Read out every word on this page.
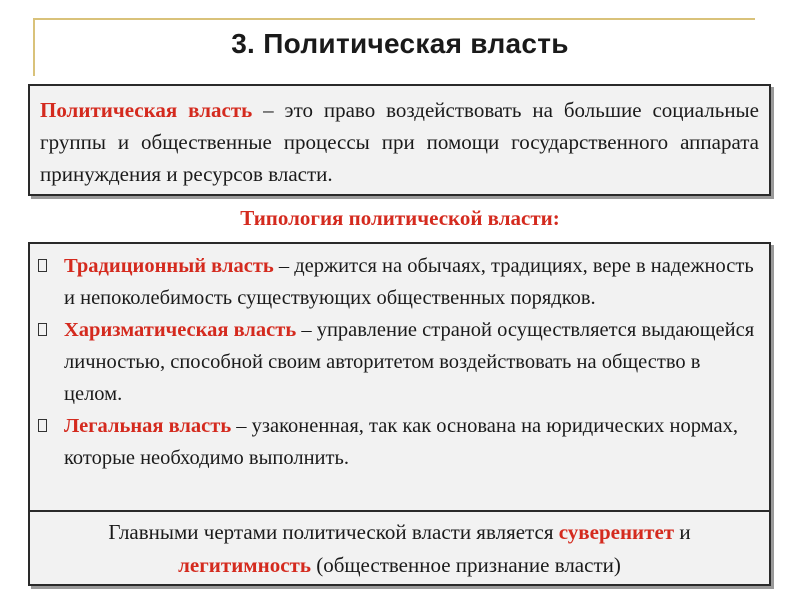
3. Политическая власть
Политическая власть – это право воздействовать на большие социальные группы и общественные процессы при помощи государственного аппарата принуждения и ресурсов власти.
Типология политической власти:
Традиционный власть – держится на обычаях, традициях, вере в надежность и непоколебимость существующих общественных порядков.
Харизматическая власть – управление страной осуществляется выдающейся личностью, способной своим авторитетом воздействовать на общество в целом.
Легальная власть – узаконенная, так как основана на юридических нормах, которые необходимо выполнить.
Главными чертами политической власти является суверенитет и легитимность (общественное признание власти)
